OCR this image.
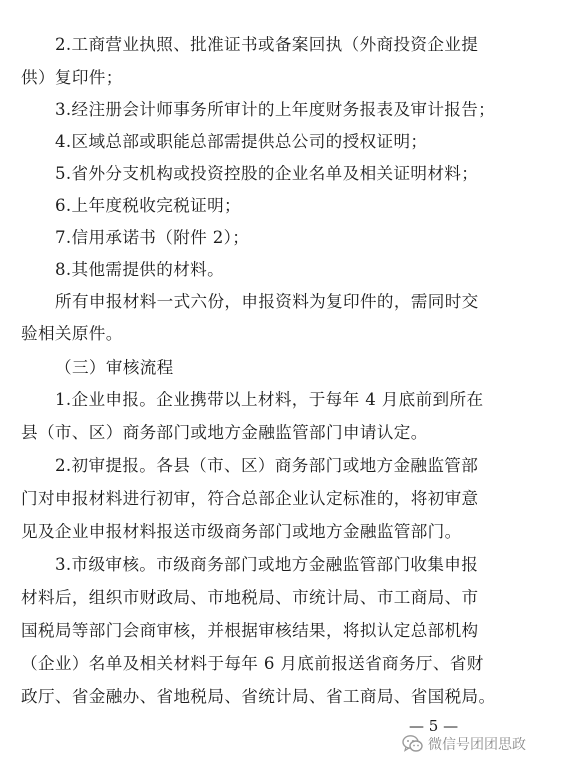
2.工商营业执照、批准证书或备案回执（外商投资企业提
供）复印件；
3.经注册会计师事务所审计的上年度财务报表及审计报告；
4.区域总部或职能总部需提供总公司的授权证明；
5.省外分支机构或投资控股的企业名单及相关证明材料；
6.上年度税收完税证明；
7.信用承诺书（附件 2）；
8.其他需提供的材料。
所有申报材料一式六份，申报资料为复印件的，需同时交
验相关原件。
（三）审核流程
1.企业申报。企业携带以上材料，于每年 4 月底前到所在
县（市、区）商务部门或地方金融监管部门申请认定。
2.初审提报。各县（市、区）商务部门或地方金融监管部
门对申报材料进行初审，符合总部企业认定标准的，将初审意
见及企业申报材料报送市级商务部门或地方金融监管部门。
3.市级审核。市级商务部门或地方金融监管部门收集申报
材料后，组织市财政局、市地税局、市统计局、市工商局、市
国税局等部门会商审核，并根据审核结果，将拟认定总部机构
（企业）名单及相关材料于每年 6 月底前报送省商务厅、省财
政厅、省金融办、省地税局、省统计局、省工商局、省国税局。
— 5 —
微信号团团思政
